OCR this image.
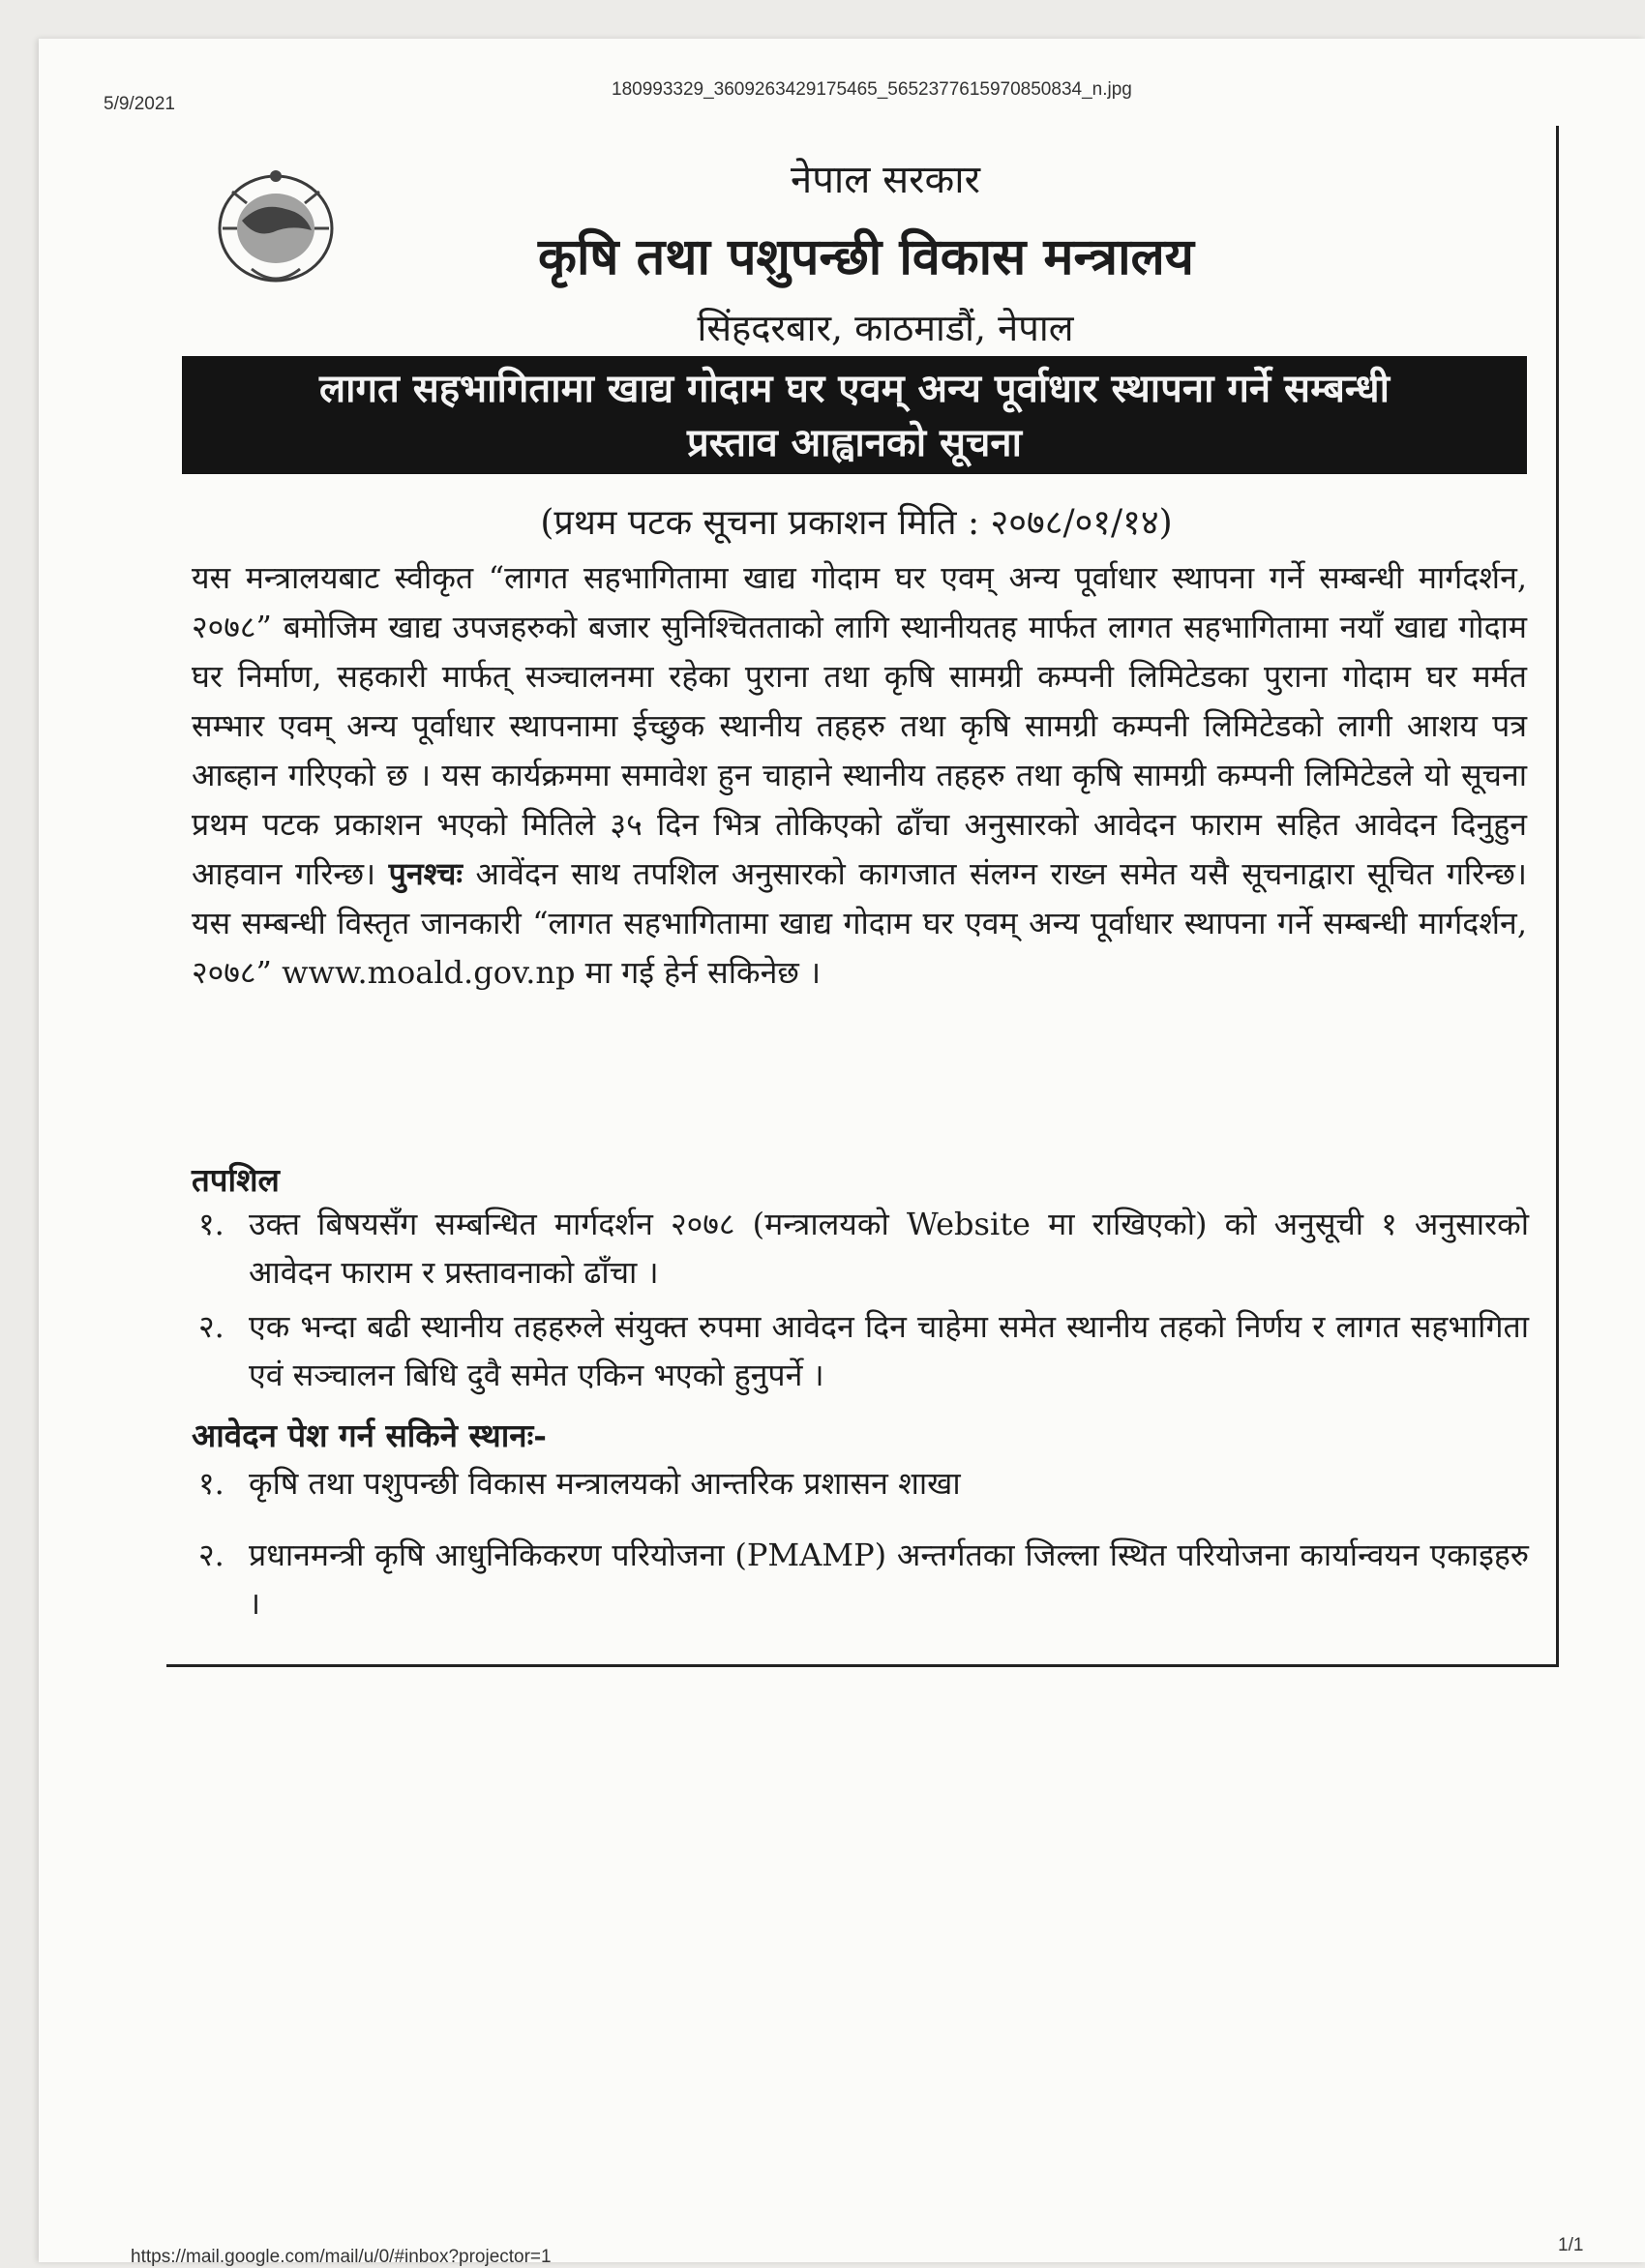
5/9/2021
180993329_3609263429175465_5652377615970850834_n.jpg
नेपाल सरकार
कृषि तथा पशुपन्छी विकास मन्त्रालय
सिंहदरबार, काठमाडौं, नेपाल
लागत सहभागितामा खाद्य गोदाम घर एवम् अन्य पूर्वाधार स्थापना गर्ने सम्बन्धी
प्रस्ताव आह्वानको सूचना
(प्रथम पटक सूचना प्रकाशन मिति : २०७८/०१/१४)
यस मन्त्रालयबाट स्वीकृत “लागत सहभागितामा खाद्य गोदाम घर एवम् अन्य पूर्वाधार स्थापना गर्ने सम्बन्धी मार्गदर्शन, २०७८” बमोजिम खाद्य उपजहरुको बजार सुनिश्चितताको लागि स्थानीयतह मार्फत लागत सहभागितामा नयाँ खाद्य गोदाम घर निर्माण, सहकारी मार्फत् सञ्चालनमा रहेका पुराना तथा कृषि सामग्री कम्पनी लिमिटेडका पुराना गोदाम घर मर्मत सम्भार एवम् अन्य पूर्वाधार स्थापनामा ईच्छुक स्थानीय तहहरु तथा कृषि सामग्री कम्पनी लिमिटेडको लागी आशय पत्र आब्हान गरिएको छ । यस कार्यक्रममा समावेश हुन चाहाने स्थानीय तहहरु तथा कृषि सामग्री कम्पनी लिमिटेडले यो सूचना प्रथम पटक प्रकाशन भएको मितिले ३५ दिन भित्र तोकिएको ढाँचा अनुसारको आवेदन फाराम सहित आवेदन दिनुहुन आहवान गरिन्छ। पुनश्चः आवेंदन साथ तपशिल अनुसारको कागजात संलग्न राख्न समेत यसै सूचनाद्वारा सूचित गरिन्छ। यस सम्बन्धी विस्तृत जानकारी “लागत सहभागितामा खाद्य गोदाम घर एवम् अन्य पूर्वाधार स्थापना गर्ने सम्बन्धी मार्गदर्शन, २०७८” www.moald.gov.np मा गई हेर्न सकिनेछ ।
तपशिल
१. उक्त बिषयसँग सम्बन्धित मार्गदर्शन २०७८ (मन्त्रालयको Website मा राखिएको) को अनुसूची १ अनुसारको आवेदन फाराम र प्रस्तावनाको ढाँचा ।
२. एक भन्दा बढी स्थानीय तहहरुले संयुक्त रुपमा आवेदन दिन चाहेमा समेत स्थानीय तहको निर्णय र लागत सहभागिता एवं सञ्चालन बिधि दुवै समेत एकिन भएको हुनुपर्ने ।
आवेदन पेश गर्न सकिने स्थानः-
१. कृषि तथा पशुपन्छी विकास मन्त्रालयको आन्तरिक प्रशासन शाखा
२. प्रधानमन्त्री कृषि आधुनिकिकरण परियोजना (PMAMP) अन्तर्गतका जिल्ला स्थित परियोजना कार्यान्वयन एकाइहरु ।
https://mail.google.com/mail/u/0/#inbox?projector=1
1/1
